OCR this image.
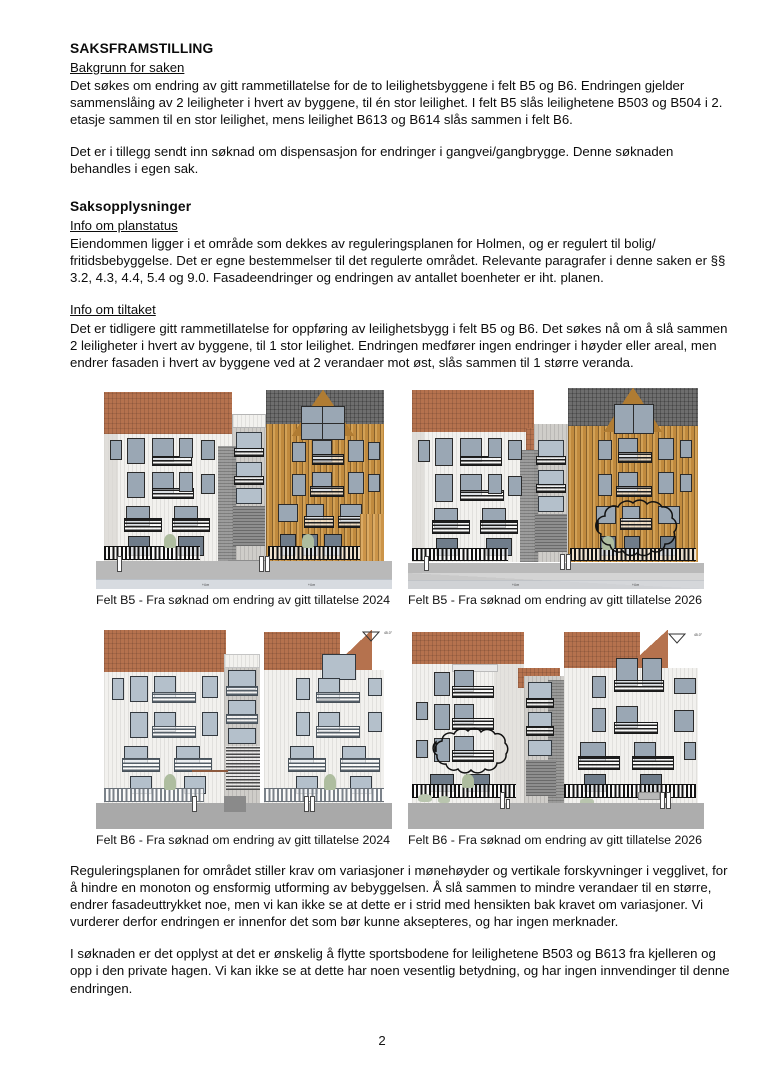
SAKSFRAMSTILLING
Bakgrunn for saken

Det søkes om endring av gitt rammetillatelse for de to leilighetsbyggene i felt B5 og B6. Endringen gjelder sammenslåing av 2 leiligheter i hvert av byggene, til én stor leilighet. I felt B5 slås leilighetene B503 og B504 i 2. etasje sammen til en stor leilighet, mens leilighet B613 og B614 slås sammen i felt B6.

Det er i tillegg sendt inn søknad om dispensasjon for endringer i gangvei/gangbrygge. Denne søknaden behandles i egen sak.

Saksopplysninger
Info om planstatus

Eiendommen ligger i et område som dekkes av reguleringsplanen for Holmen, og er regulert til bolig/ fritidsbebyggelse. Det er egne bestemmelser til det regulerte området. Relevante paragrafer i denne saken er §§ 3.2, 4.3, 4.4, 5.4 og 9.0. Fasadeendringer og endringen av antallet boenheter er iht. planen.

Info om tiltaket

Det er tidligere gitt rammetillatelse for oppføring av leilighetsbygg i felt B5 og B6. Det søkes nå om å slå sammen 2 leiligheter i hvert av byggene, til 1 stor leilighet. Endringen medfører ingen endringer i høyder eller areal, men endrer fasaden i hvert av byggene ved at 2 verandaer mot øst, slås sammen til 1 større veranda.

+4 m	+4 m
Felt B5 - Fra søknad om endring av gitt tillatelse 2024
+4 m	+4 m
Felt B5 - Fra søknad om endring av gitt tillatelse 2026
45.0°
Felt B6 - Fra søknad om endring av gitt tillatelse 2024
45.0°
Felt B6 - Fra søknad om endring av gitt tillatelse 2026

Reguleringsplanen for området stiller krav om variasjoner i mønehøyder og vertikale forskyvninger i vegglivet, for å hindre en monoton og ensformig utforming av bebyggelsen. Å slå sammen to mindre verandaer til en større, endrer fasadeuttrykket noe, men vi kan ikke se at dette er i strid med hensikten bak kravet om variasjoner. Vi vurderer derfor endringen er innenfor det som bør kunne aksepteres, og har ingen merknader.

I søknaden er det opplyst at det er ønskelig å flytte sportsbodene for leilighetene B503 og B613 fra kjelleren og opp i den private hagen. Vi kan ikke se at dette har noen vesentlig betydning, og har ingen innvendinger til denne endringen.

2
